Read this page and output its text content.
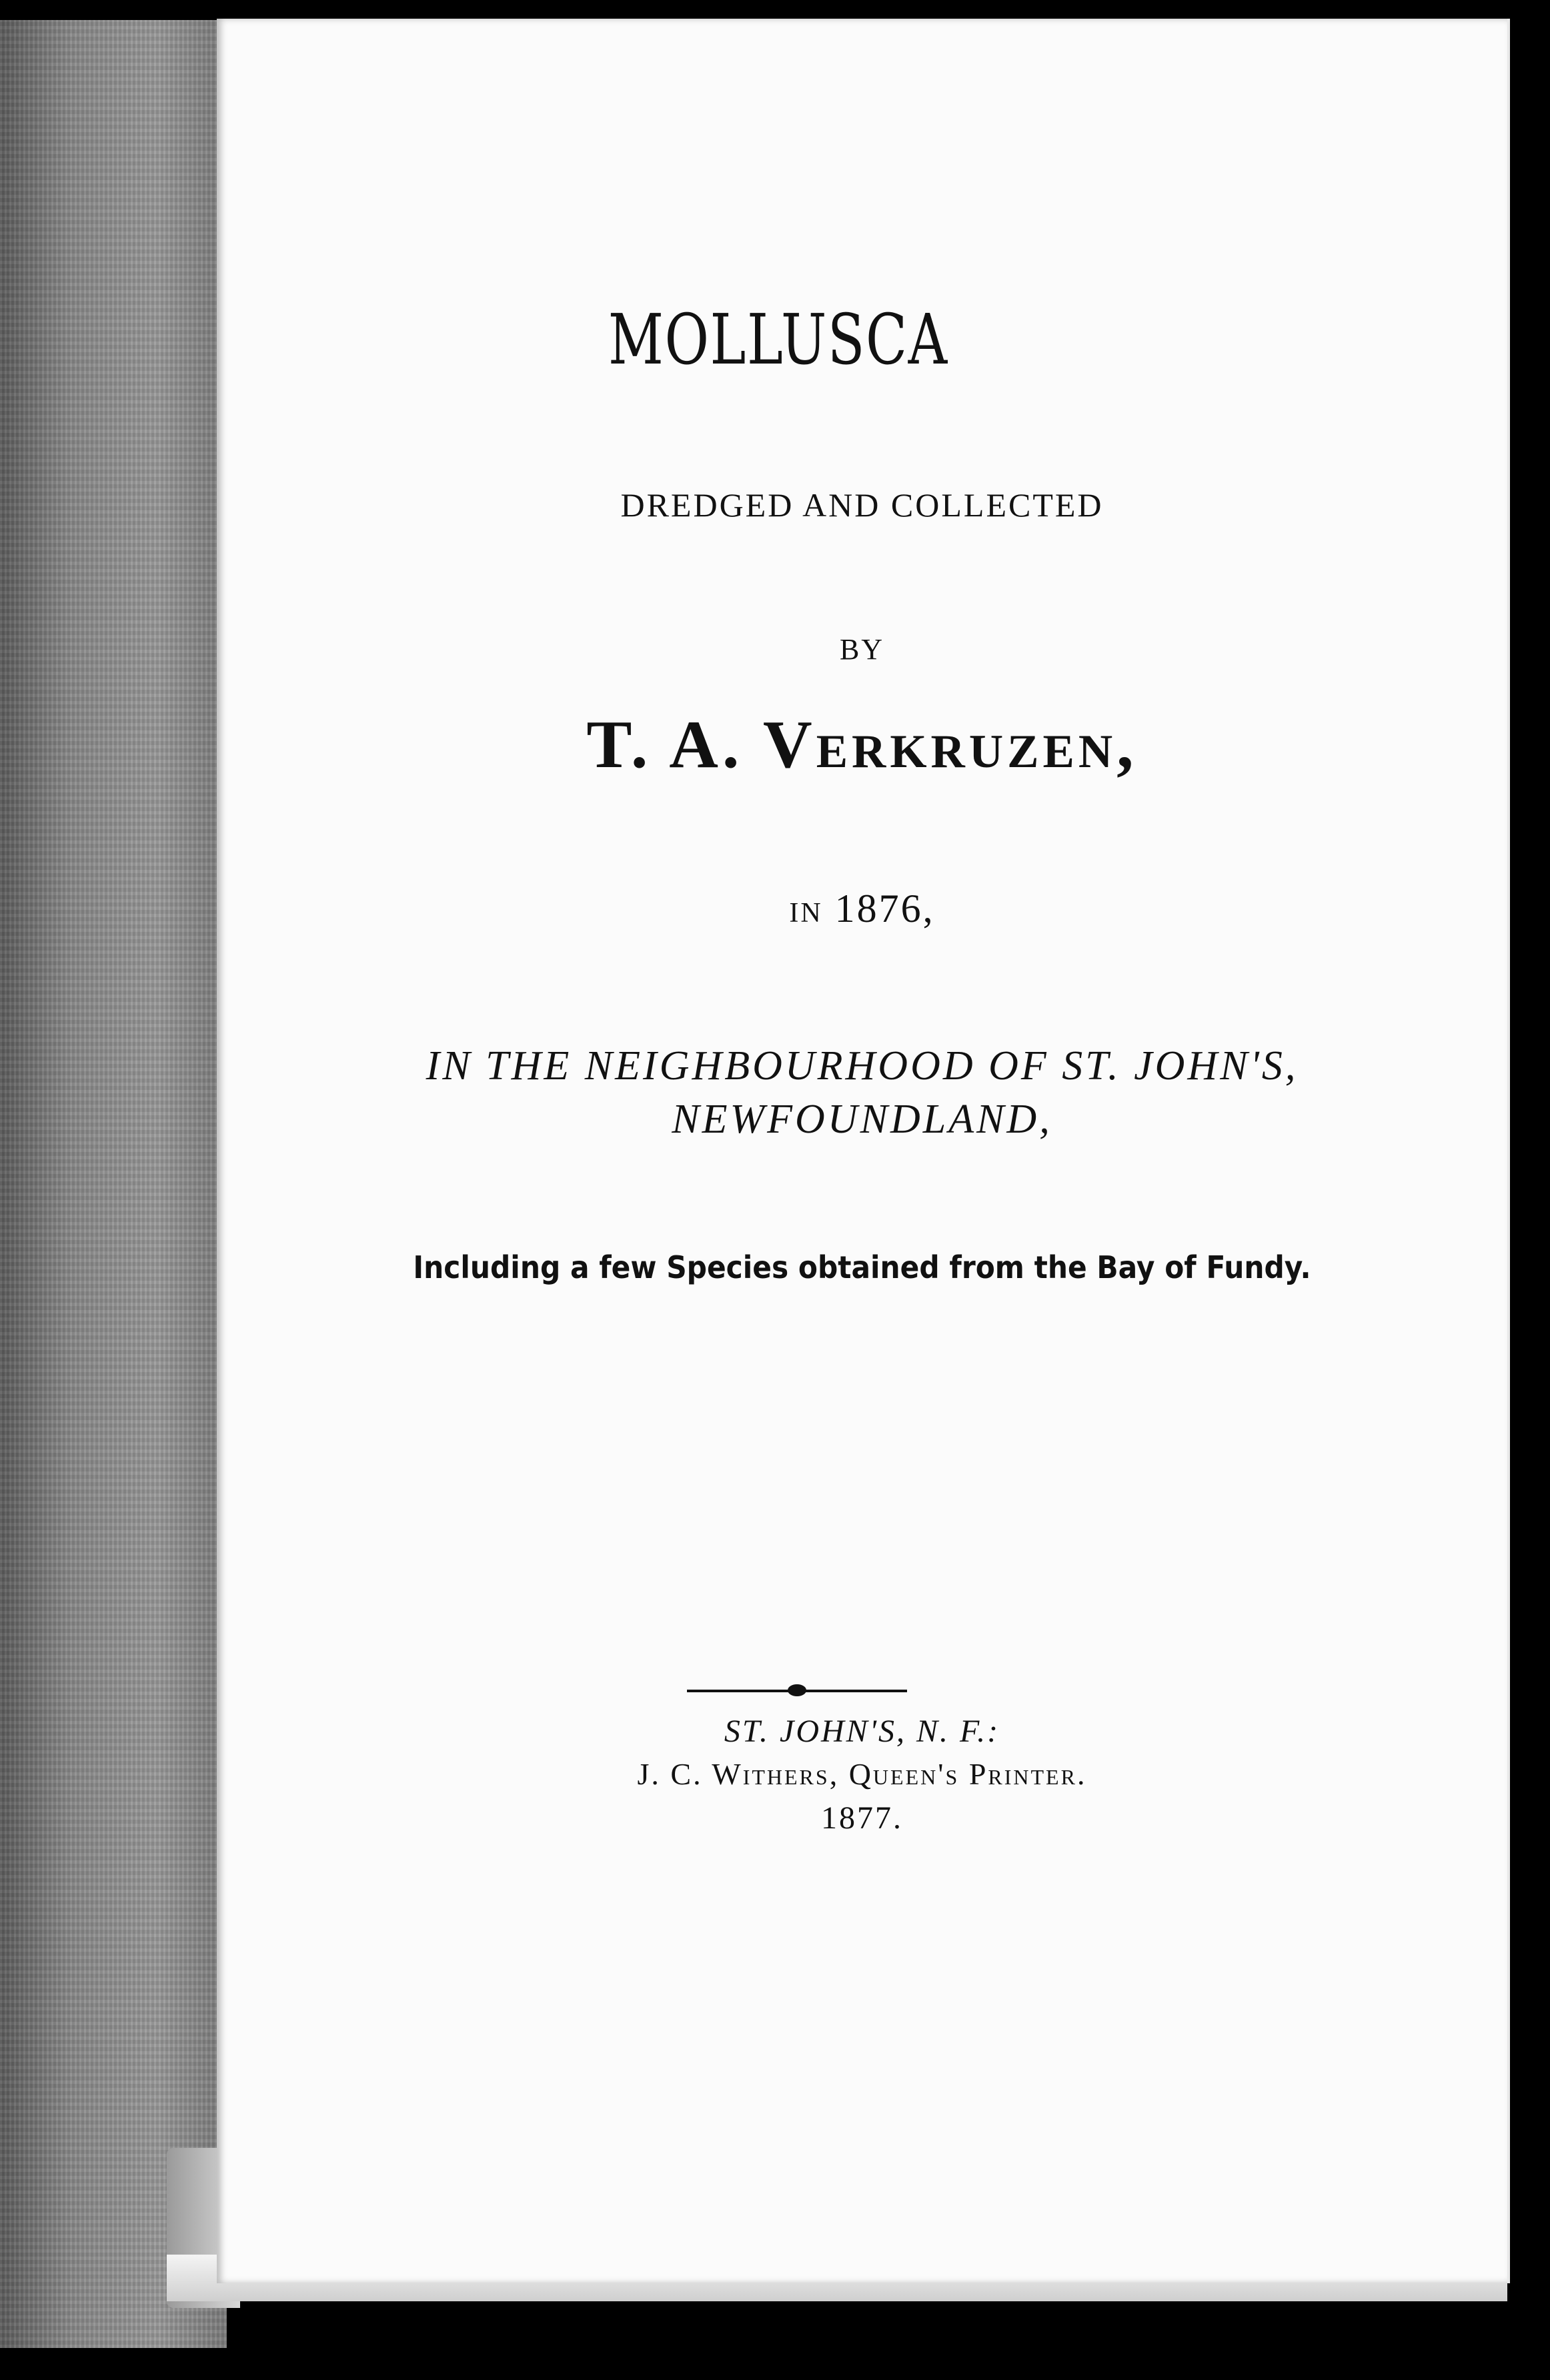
MOLLUSCA
DREDGED AND COLLECTED
BY
T. A. Verkruzen,
in 1876,
IN THE NEIGHBOURHOOD OF ST. JOHN'S,
NEWFOUNDLAND,
Including a few Species obtained from the Bay of Fundy.
ST. JOHN'S, N. F.:
J. C. Withers, Queen's Printer.
1877.
